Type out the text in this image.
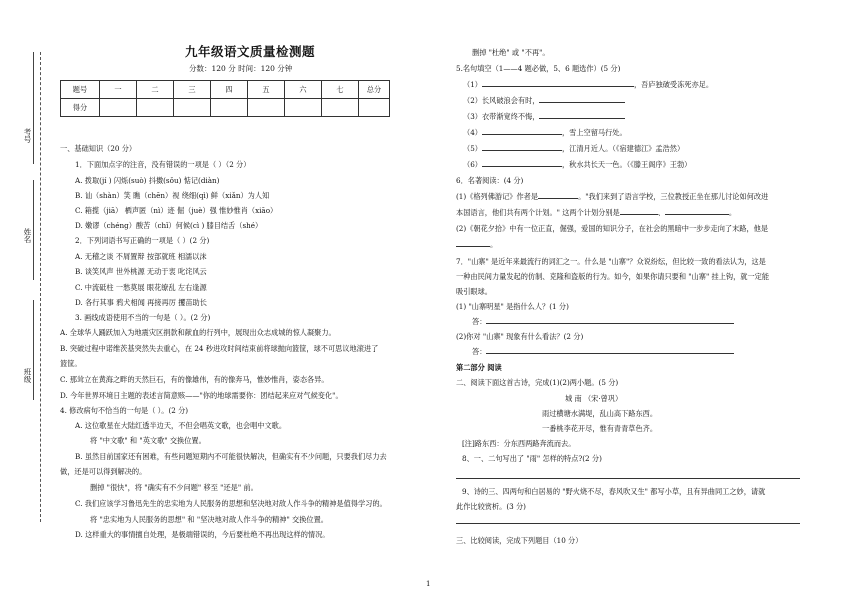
考号
姓名
班级
九年级语文质量检测题
分数：120 分 时间：120 分钟
题号	一	二	三	四	五	六	七	总分
得分								
一、基础知识（20 分）
1．下面加点字的注音，没有错误的一项是（ ）（2 分）
A. 拨取(jí ) 闪烁(suò) 抖擞(sǒu) 惦记(diàn)
B. 讪（shàn）笑 瞧（chēn）视 绕细(qì) 鲜（xiǎn）为人知
C. 箱揽（jiā） 栖声匿（nì）迹 倔（juè）强 惟妙惟肖（xiāo）
D. 嫩谬（chéng）酸苦（chǐ）何候(cì ) 膝目结舌（shé）
2．下列词语书写正确的一项是（ ）(2 分)
A. 无稽之谈 不屑置辩 按部就班 相濡以沫
B. 谈笑风声 世外桃源 无动于衷 叱诧风云
C. 中流砥柱 一愁莫展 眼花缭乱 左右逢源
D. 各行其事 鸦犬相闻 再接再厉 攫苗助长
3. 画线成语使用不当的一句是（ ）。(2 分)
A. 全球华人踊跃加入为地震灾区捐款和献血的行列中，展现出众志成城的惊人凝聚力。
B. 突破过程中诺维茨基突然失去重心，在 24 秒进攻时间结束前将球抛向篮筐，球不可思议地滚进了
篮筐。
C. 那耸立在黄海之畔的天然巨石，有的像雄伟，有的像奔马，惟妙惟肖，姿态各异。
D. 今年世界环境日主题的表述言简意赅——"你的地球需要你：团结起来应对气候变化"。
4. 修改病句不恰当的一句是（ ）。(2 分)
A. 这位歌星在大陆红透半边天，不但会唱英文歌，也会唱中文歌。
将 "中文歌" 和 "英文歌" 交换位置。
B. 虽然目前国家还有困难，有些问题短期内不可能很快解决，但确实有不少问题，只要我们尽力去
做，还是可以得到解决的。
删掉 "很快"，将 "确实有不少问题" 移至 "还是" 前。
C. 我们应该学习鲁迅先生的忠实地为人民服务的思想和坚决地对敌人作斗争的精神是值得学习的。
将 "忠实地为人民服务的思想" 和 "坚决地对敌人作斗争的精神" 交换位置。
D. 这样重大的事情擅自处理，是极端错误的，今后要杜绝不再出现这样的情况。
删掉 "杜绝" 或 "不再"。
5.名句填空（1——4 题必做，5、6 题选作）(5 分)
（1）	，吾庐独破受冻死亦足。
（2）长风破浪会有时，
（3）衣带渐宽终不悔，
（4）	，雪上空留马行处。
（5）	，江清月近人。（《宿建德江》孟浩然）
（6）	，秋水共长天一色。（《滕王阁序》王勃）
6．名著阅读：(4 分)
(1)《格列佛游记》作者是	。"我们来到了语言学校，三位教授正坐在那儿讨论如何改进
本国语言，他们共有两个计划。" 这两个计划分别是	、	。
(2)《朝花夕拾》中有一位正直，倔强，爱国的知识分子，在社会的黑暗中一步步走向了末路，他是
。
7．"山寨" 是近年来最流行的词汇之一。什么是 "山寨"？众说纷纭，但比较一致的看法认为，这是
一种由民间力量发起的仿制、克隆和盗版的行为。如今，如果你请只要和 "山寨" 挂上钩，就一定能
吸引眼球。
(1) "山寨明星" 是指什么人？(1 分)
答：
(2)你对 "山寨" 现象有什么看法？(2 分)
答：
第二部分 阅读
二、阅读下面这首古诗，完成(1)(2)两小题。(5 分)
城 南 （宋·曾巩）
雨过横塘水满堤，乱山高下路东西。
一番桃李花开尽，惟有青青草色齐。
[注]路东西：分东西两路奔流而去。
8、一、二句写出了 "雨" 怎样的特点?(2 分)
9、诗的三、四两句和白居易的 "野火烧不尽，春风吹又生" 都写小草，且有异曲同工之妙，请就
此作比较赏析。(3 分)
三、比较阅读，完成下列题目（10 分）
1
